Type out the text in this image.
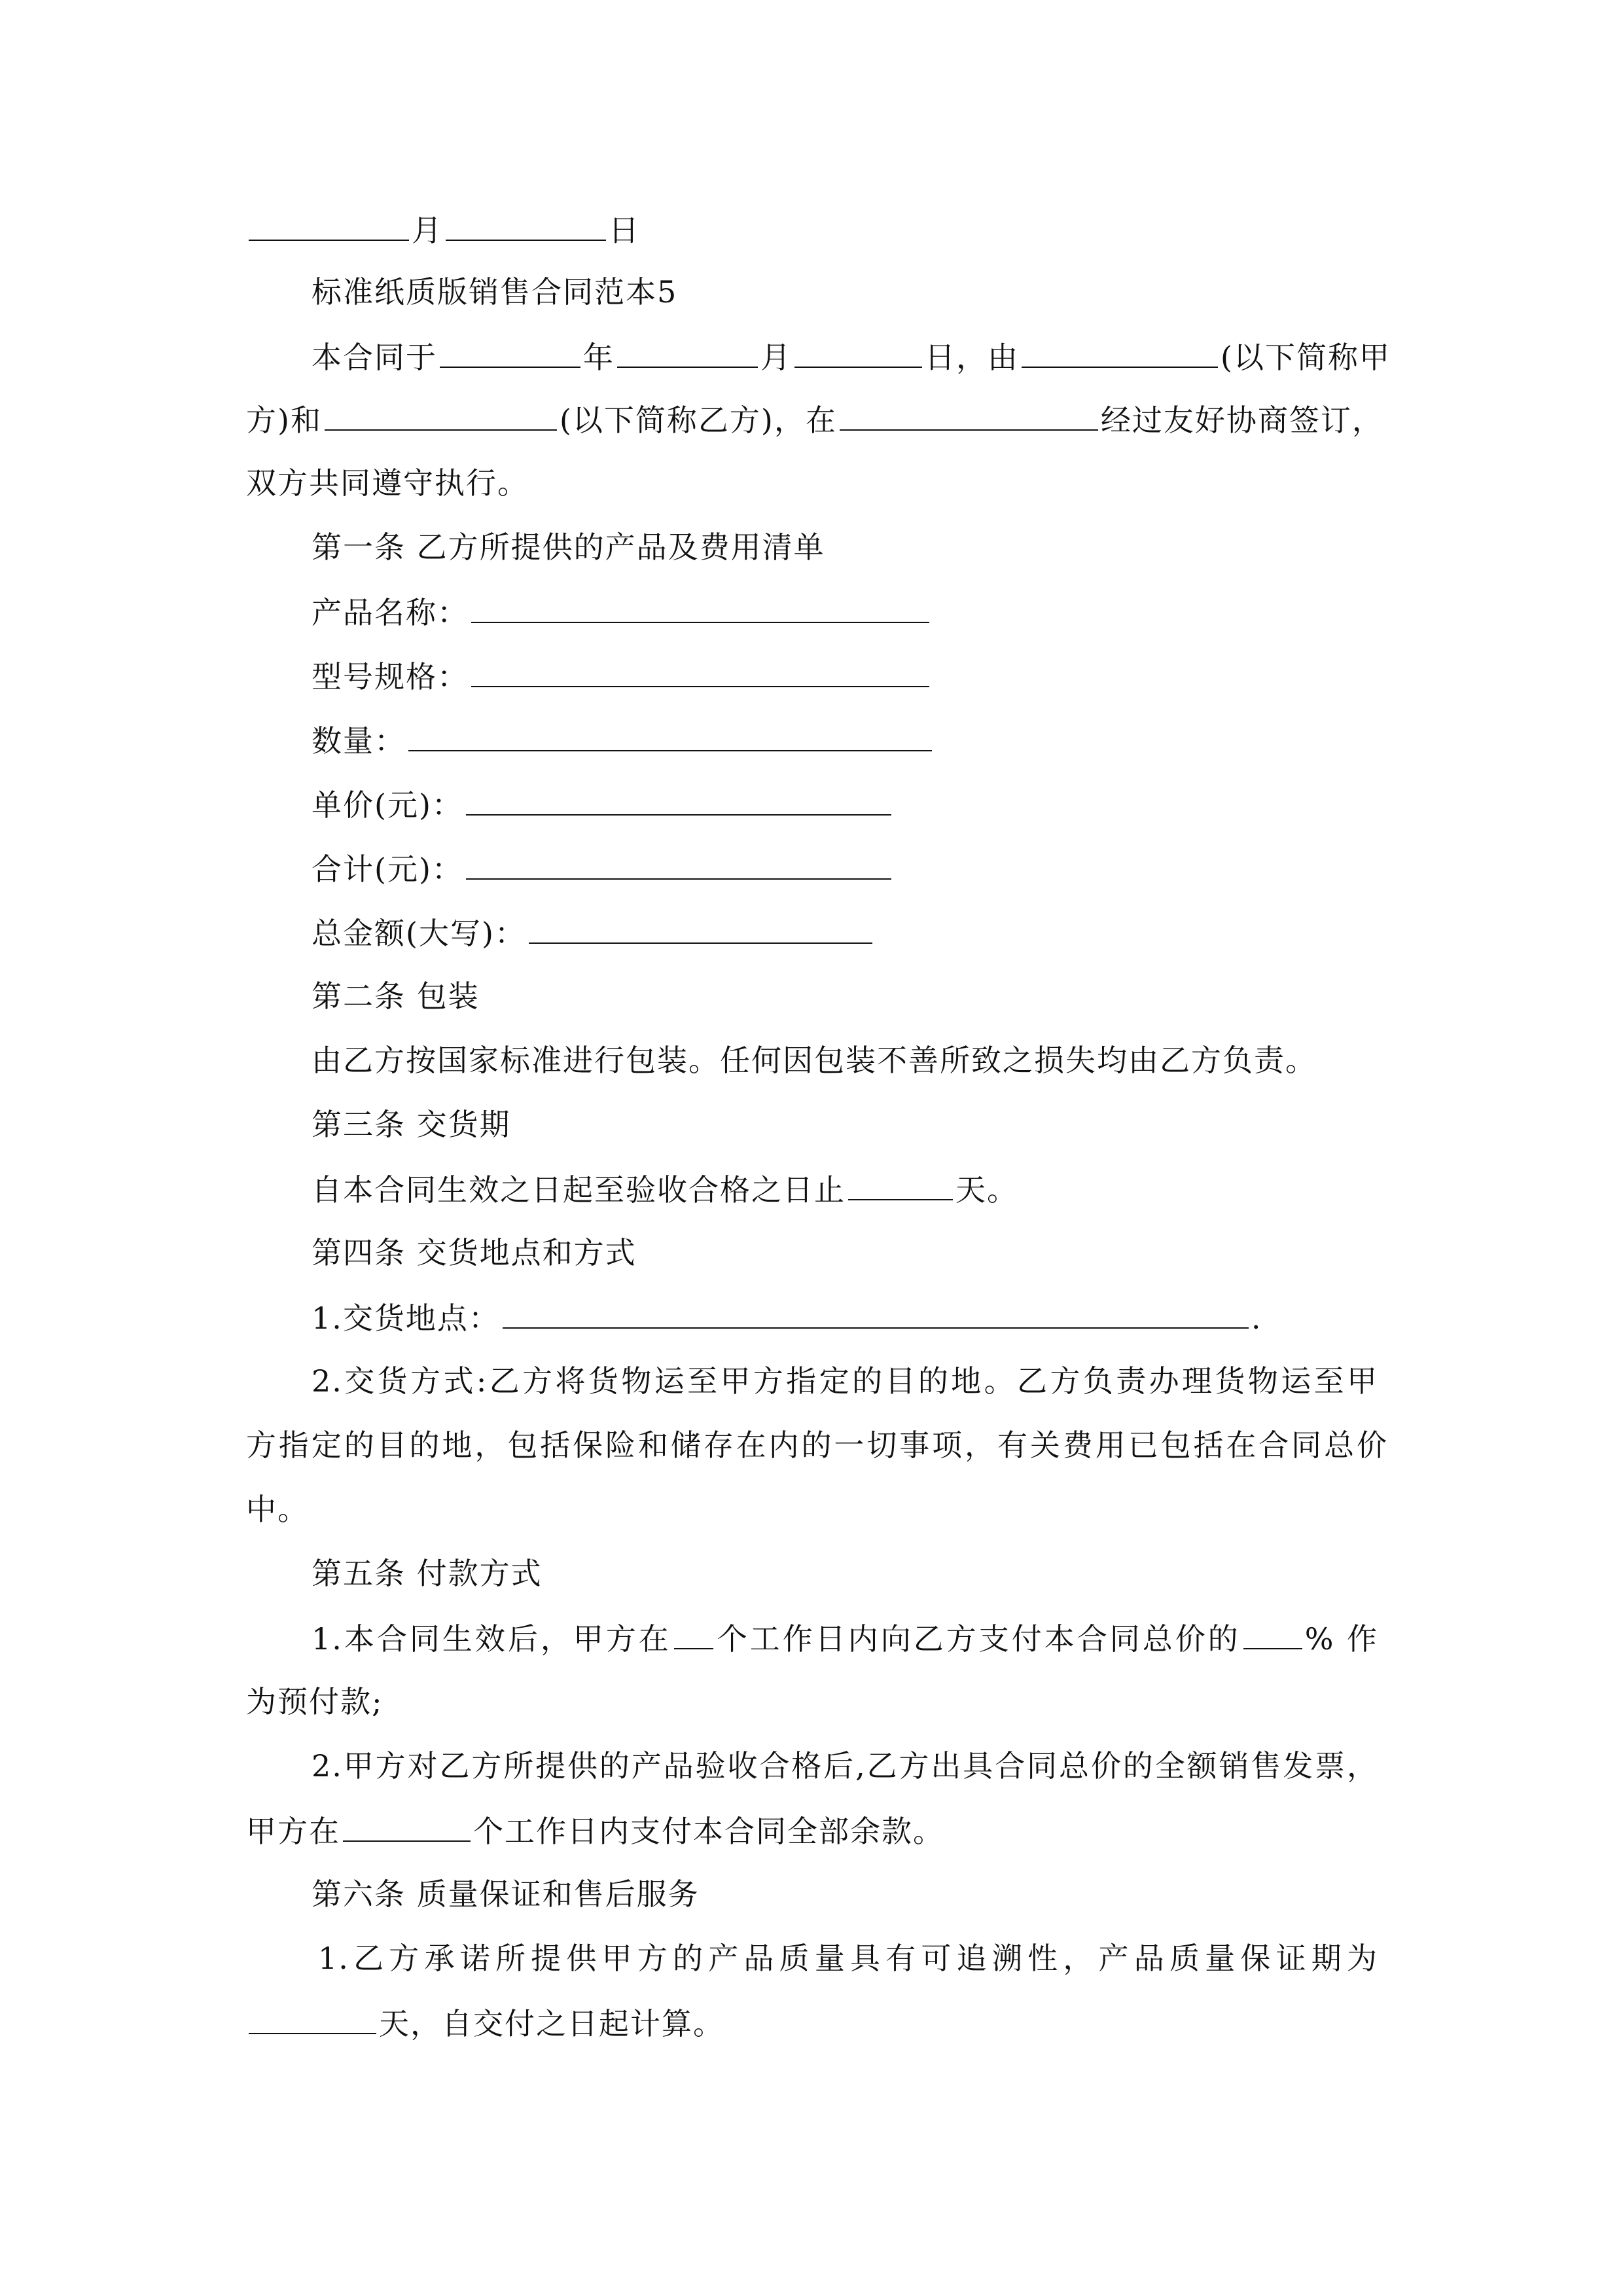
月	日
标准纸质版销售合同范本5
本合同于	年	月	日，由	(以下简称甲
方)和	(以下简称乙方)，在	经过友好协商签订，
双方共同遵守执行。
第一条 乙方所提供的产品及费用清单
产品名称：
型号规格：
数量：
单价(元)：
合计(元)：
总金额(大写)：
第二条 包装
由乙方按国家标准进行包装。任何因包装不善所致之损失均由乙方负责。
第三条 交货期
自本合同生效之日起至验收合格之日止	天。
第四条 交货地点和方式
1.交货地点：	.
2.交货方式:乙方将货物运至甲方指定的目的地。乙方负责办理货物运至甲
方指定的目的地，包括保险和储存在内的一切事项，有关费用已包括在合同总价
中。
第五条 付款方式
1.本合同生效后，甲方在 个工作日内向乙方支付本合同总价的 % 作
为预付款;
2.甲方对乙方所提供的产品验收合格后,乙方出具合同总价的全额销售发票，
甲方在	个工作日内支付本合同全部余款。
第六条 质量保证和售后服务
1.乙方承诺所提供甲方的产品质量具有可追溯性，产品质量保证期为
天，自交付之日起计算。
